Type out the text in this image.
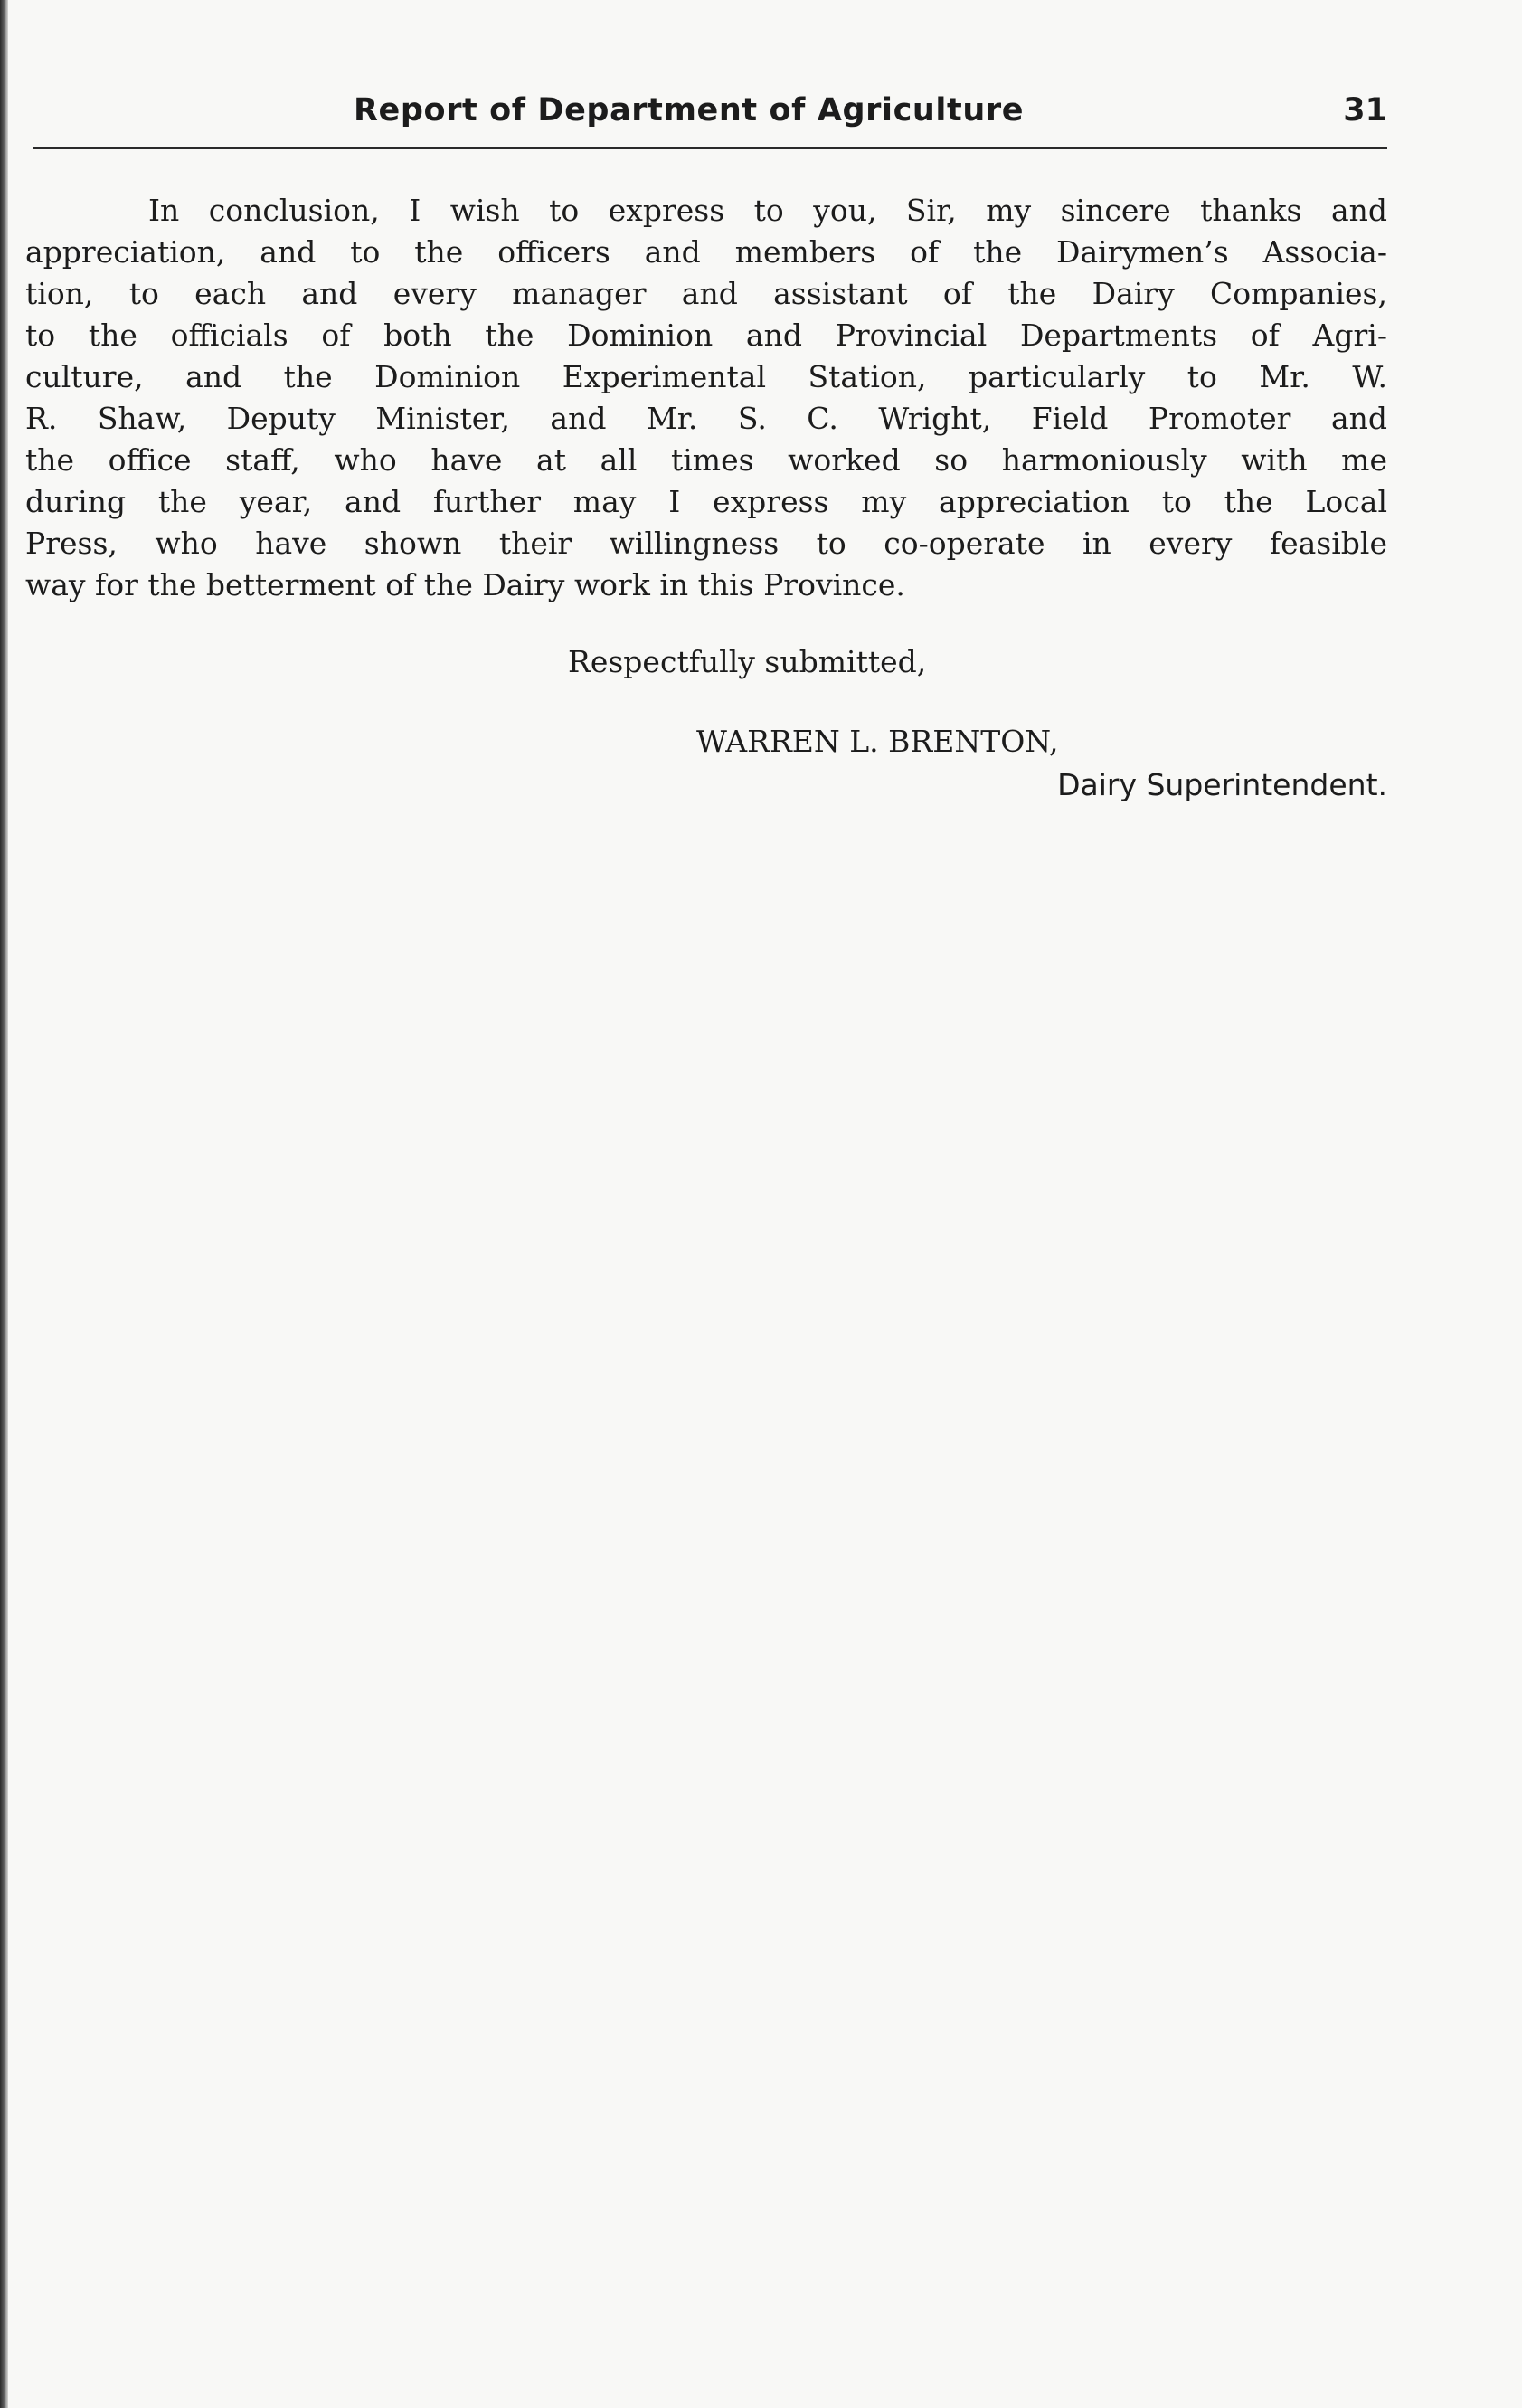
Report of Department of Agriculture	31
In conclusion, I wish to express to you, Sir, my sincere thanks and
appreciation, and to the officers and members of the Dairymen’s Associa-
tion, to each and every manager and assistant of the Dairy Companies,
to the officials of both the Dominion and Provincial Departments of Agri-
culture, and the Dominion Experimental Station, particularly to Mr. W.
R. Shaw, Deputy Minister, and Mr. S. C. Wright, Field Promoter and
the office staff, who have at all times worked so harmoniously with me
during the year, and further may I express my appreciation to the Local
Press, who have shown their willingness to co-operate in every feasible
way for the betterment of the Dairy work in this Province.
Respectfully submitted,
WARREN L. BRENTON,
Dairy Superintendent.
